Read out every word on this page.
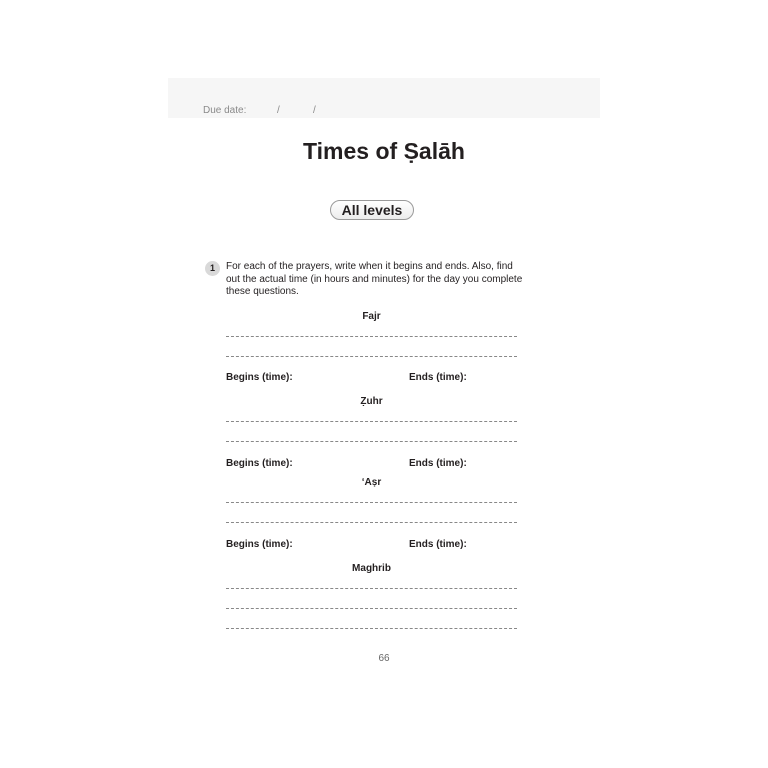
Due date:	/	/
Times of Ṣalāh
All levels
1	For each of the prayers, write when it begins and ends. Also, find out the actual time (in hours and minutes) for the day you complete these questions.
Fajr
Begins (time):	Ends (time):
Ẓuhr
Begins (time):	Ends (time):
‘Aṣr
Begins (time):	Ends (time):
Maghrib
66
